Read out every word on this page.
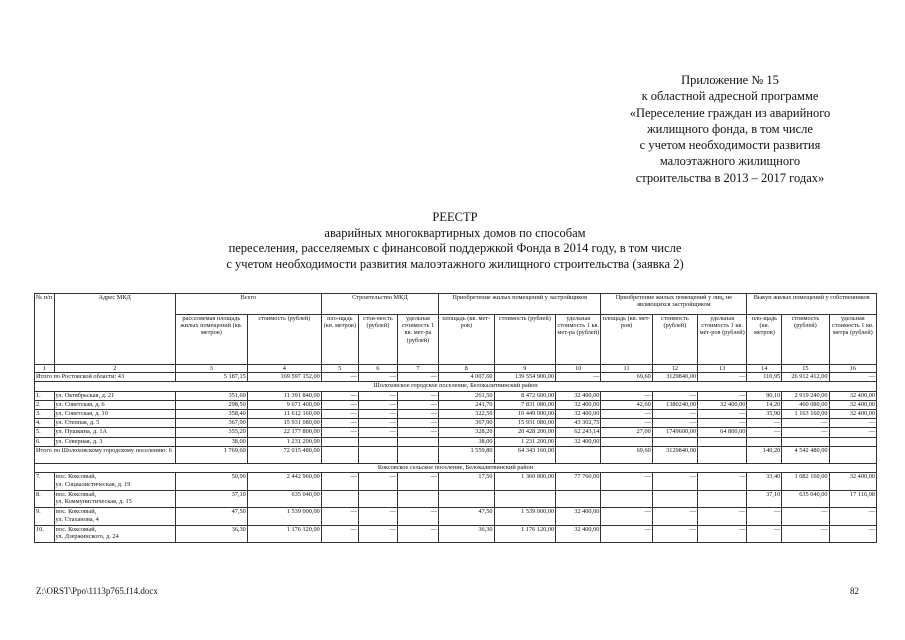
Приложение № 15
к областной адресной программе
«Переселение граждан из аварийного
жилищного фонда, в том числе
с учетом необходимости развития
малоэтажного жилищного
строительства в 2013 – 2017 годах»
РЕЕСТР
аварийных многоквартирных домов по способам
переселения, расселяемых с финансовой поддержкой Фонда в 2014 году, в том числе
с учетом необходимости развития малоэтажного жилищного строительства (заявка 2)
№ п/п	Адрес МКД	Всего		Строительство МКД			Приобретение жилых помещений у застройщиков			Приобретение жилых помещений у лиц, не являющихся застройщиком			Выкуп жилых помещений у собственников		
		расселяемая площадь жилых помещений (кв. метров)	стоимость (рублей)	пло-щадь (кв. метров)	стои-мость (рублей)	удельная стоимость 1 кв. мет-ра (рублей)	площадь (кв. мет-ров)	стоимость (рублей)	удельная стоимость 1 кв. мет-ра (рублей)	площадь (кв. мет-ров)	стоимость (рублей)	удельная стоимость 1 кв. мет-ров (рублей)	пло-щадь (кв. метров)	стоимость (рублей)	удельная стоимость 1 кв. метра (рублей)
1	2	3	4	5	6	7	8	9	10	11	12	13	14	15	16
Итого по Ростовской области: 43		5 187,15	169 597 152,00	—	—	—	4 007,60	139 554 900,00	—	69,60	3129840,00	—	110,95	26 912 412,00	—
Шолоховское городское поселение, Белокалитвинский район															
1.	ул. Октябрьская, д. 21	351,60	11 391 840,00	—	—	—	261,50	8 472 600,00	32 400,00	—	—	—	90,10	2 919 240,00	32 400,00
2.	ул. Советская, д. 6	298,50	9 671 400,00	—	—	—	241,70	7 831 080,00	32 400,00	42,60	1380240,00	32 400,00	14,20	460 080,00	32 400,00
3.	ул. Советская, д. 10	358,40	11 612 160,00	—	—	—	322,50	10 449 000,00	32 400,00	—	—	—	35,90	1 163 160,00	32 400,00
4.	ул. Степная, д. 5	367,90	15 931 080,00	—	—	—	367,90	15 931 080,00	43 302,75	—	—	—	—	—	—
5.	ул. Пушкина, д. 1А	355,20	22 177 800,00	—	—	—	328,20	20 428 200,00	62 243,14	27,00	1749600,00	64 800,00	—	—	—
6.	ул. Северная, д. 3	38,00	1 231 200,00				38,00	1 231 200,00	32 400,00						
Итого по Шолоховскому городскому поселению: 6		1 769,60	72 015 480,00				1 559,80	64 343 160,00		69,60	3129840,00		140,20	4 542 480,00	
Коксовское сельское поселение, Белокалитвинский район															
7.	пос. Коксовый,
ул. Социалистическая, д. 19	50,90	2 442 960,00	—	—	—	17,50	1 360 800,00	77 760,00	—	—	—	33,40	1 082 160,00	32 400,00
8.	пос. Коксовый,
ул. Коммунистическая, д. 15	37,10	635 040,00										37,10	635 040,00	17 116,98
9.	пос. Коксовый,
ул. Стаханова, 4	47,50	1 539 000,00	—	—	—	47,50	1 539 000,00	32 400,00	—	—	—	—	—	—
10.	пос. Коксовый,
ул. Дзержинского, д. 24	36,30	1 176 120,00	—	—	—	36,30	1 176 120,00	32 400,00	—	—	—	—	—	—
Z:\ORST\Ppo\1113p765.f14.docx	82
